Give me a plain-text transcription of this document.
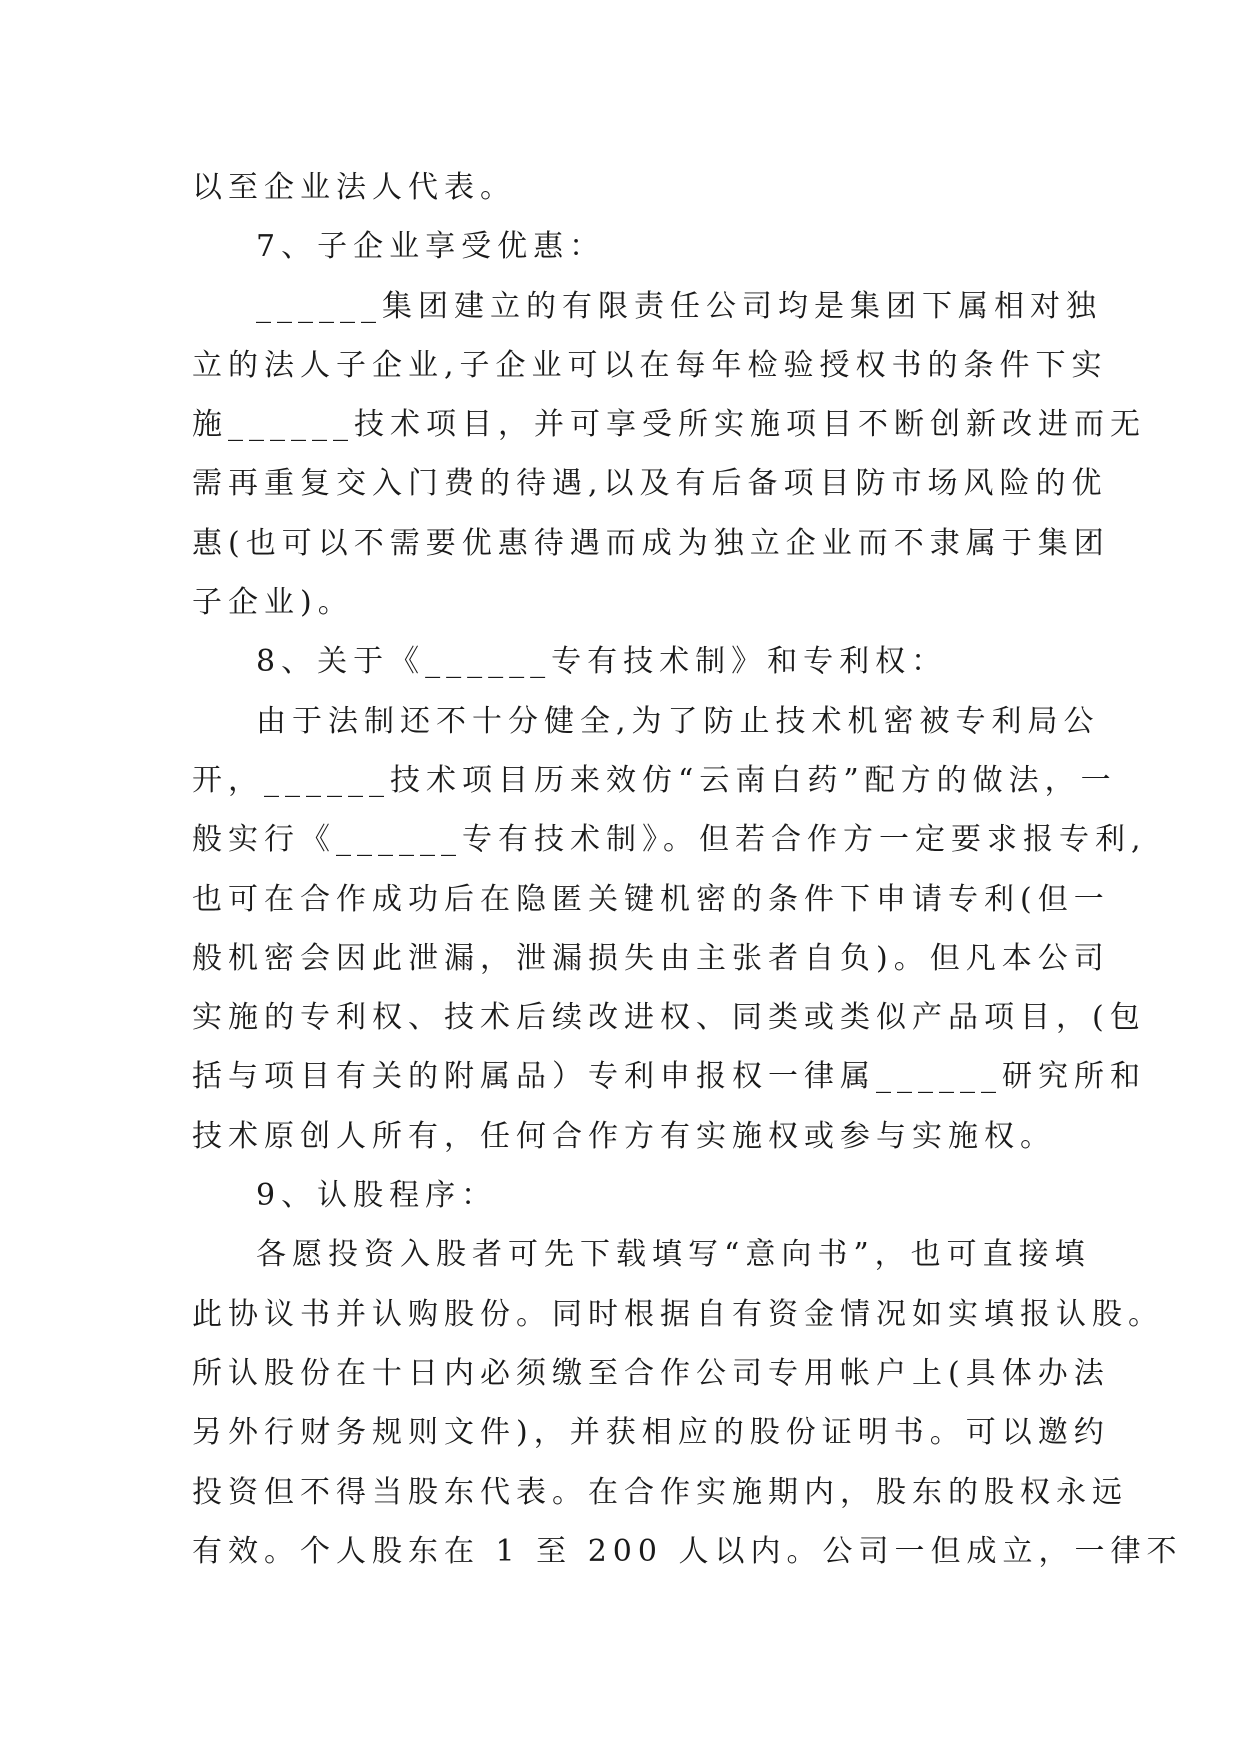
以至企业法人代表。
7、子企业享受优惠：
______集团建立的有限责任公司均是集团下属相对独
立的法人子企业,子企业可以在每年检验授权书的条件下实
施______技术项目，并可享受所实施项目不断创新改进而无
需再重复交入门费的待遇,以及有后备项目防市场风险的优
惠(也可以不需要优惠待遇而成为独立企业而不隶属于集团
子企业)。
8、关于《______专有技术制》和专利权：
由于法制还不十分健全,为了防止技术机密被专利局公
开，______技术项目历来效仿“云南白药”配方的做法，一
般实行《______专有技术制》。但若合作方一定要求报专利,
也可在合作成功后在隐匿关键机密的条件下申请专利(但一
般机密会因此泄漏，泄漏损失由主张者自负)。但凡本公司
实施的专利权、技术后续改进权、同类或类似产品项目，(包
括与项目有关的附属品）专利申报权一律属______研究所和
技术原创人所有，任何合作方有实施权或参与实施权。
9、认股程序：
各愿投资入股者可先下载填写“意向书”，也可直接填
此协议书并认购股份。同时根据自有资金情况如实填报认股。
所认股份在十日内必须缴至合作公司专用帐户上(具体办法
另外行财务规则文件)，并获相应的股份证明书。可以邀约
投资但不得当股东代表。在合作实施期内，股东的股权永远
有效。个人股东在 1 至 200 人以内。公司一但成立，一律不
